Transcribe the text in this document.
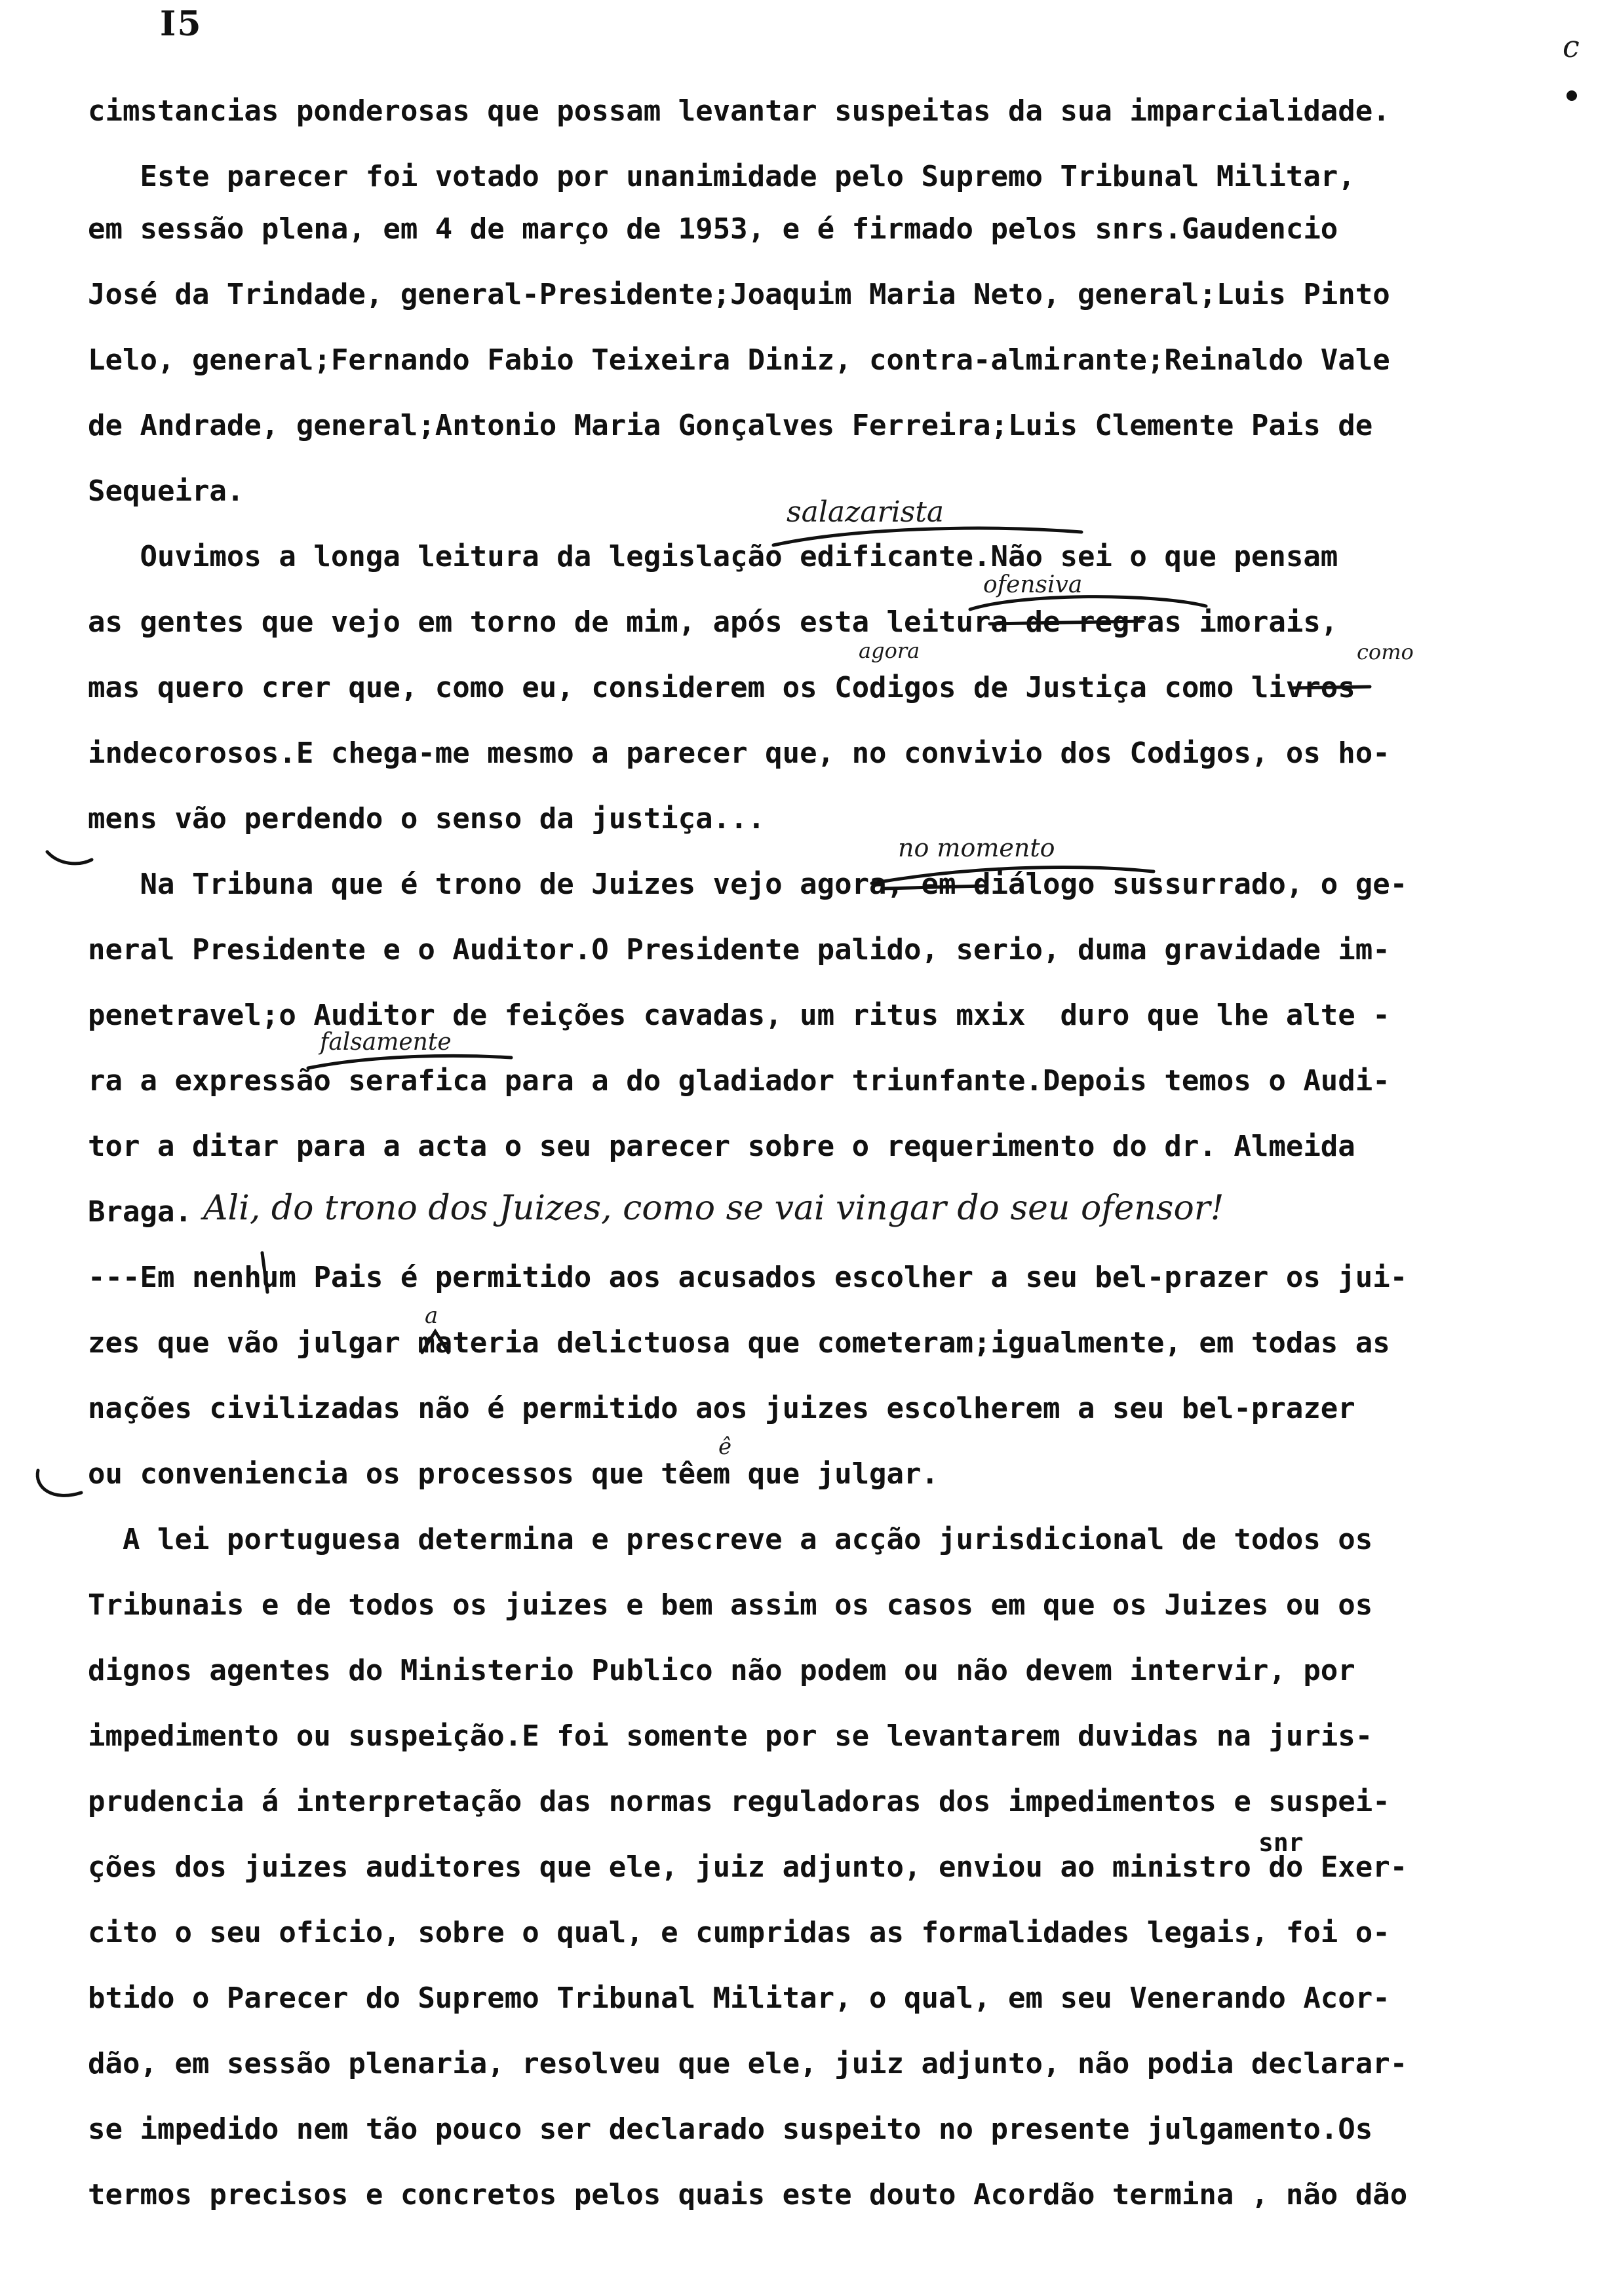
I5
c
cimstancias ponderosas que possam levantar suspeitas da sua imparcialidade.
Este parecer foi votado por unanimidade pelo Supremo Tribunal Militar,
em sessão plena, em 4 de março de 1953, e é firmado pelos snrs.Gaudencio
José da Trindade, general-Presidente;Joaquim Maria Neto, general;Luis Pinto
Lelo, general;Fernando Fabio Teixeira Diniz, contra-almirante;Reinaldo Vale
de Andrade, general;Antonio Maria Gonçalves Ferreira;Luis Clemente Pais de
Sequeira.
Ouvimos a longa leitura da legislação edificante.Não sei o que pensam
as gentes que vejo em torno de mim, após esta leitura de regras imorais,
mas quero crer que, como eu, considerem os Codigos de Justiça como livros
indecorosos.E chega-me mesmo a parecer que, no convivio dos Codigos, os ho-
mens vão perdendo o senso da justiça...
Na Tribuna que é trono de Juizes vejo agora, em diálogo sussurrado, o ge-
neral Presidente e o Auditor.O Presidente palido, serio, duma gravidade im-
penetravel;o Auditor de feições cavadas, um ritus mxix  duro que lhe alte -
ra a expressão serafica para a do gladiador triunfante.Depois temos o Audi-
tor a ditar para a acta o seu parecer sobre o requerimento do dr. Almeida
Braga.
---Em nenhum Pais é permitido aos acusados escolher a seu bel-prazer os jui-
zes que vão julgar materia delictuosa que cometeram;igualmente, em todas as
nações civilizadas não é permitido aos juizes escolherem a seu bel-prazer
ou conveniencia os processos que têem que julgar.
A lei portuguesa determina e prescreve a acção jurisdicional de todos os
Tribunais e de todos os juizes e bem assim os casos em que os Juizes ou os
dignos agentes do Ministerio Publico não podem ou não devem intervir, por
impedimento ou suspeição.E foi somente por se levantarem duvidas na juris-
prudencia á interpretação das normas reguladoras dos impedimentos e suspei-
ções dos juizes auditores que ele, juiz adjunto, enviou ao ministro do Exer-
cito o seu oficio, sobre o qual, e cumpridas as formalidades legais, foi o-
btido o Parecer do Supremo Tribunal Militar, o qual, em seu Venerando Acor-
dão, em sessão plenaria, resolveu que ele, juiz adjunto, não podia declarar-
se impedido nem tão pouco ser declarado suspeito no presente julgamento.Os
termos precisos e concretos pelos quais este douto Acordão termina , não dão
salazarista
ofensiva
agora	como
no momento
falsamente
Ali, do trono dos Juizes, como se vai vingar do seu ofensor!
a
ê
snr
